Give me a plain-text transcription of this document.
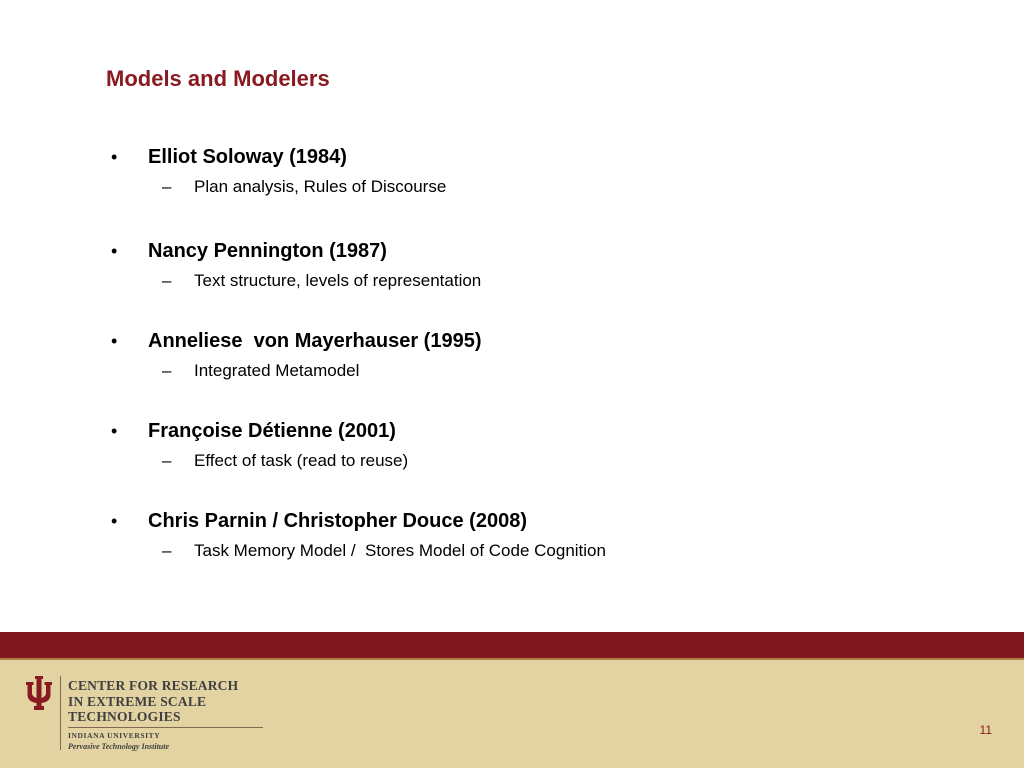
Models and Modelers
• Elliot Soloway (1984)
– Plan analysis, Rules of Discourse
• Nancy Pennington (1987)
– Text structure, levels of representation
• Anneliese  von Mayerhauser (1995)
– Integrated Metamodel
• Françoise Détienne (2001)
– Effect of task (read to reuse)
• Chris Parnin / Christopher Douce (2008)
– Task Memory Model /  Stores Model of Code Cognition
CENTER FOR RESEARCH
IN EXTREME SCALE
TECHNOLOGIES
INDIANA UNIVERSITY
Pervasive Technology Institute
11
